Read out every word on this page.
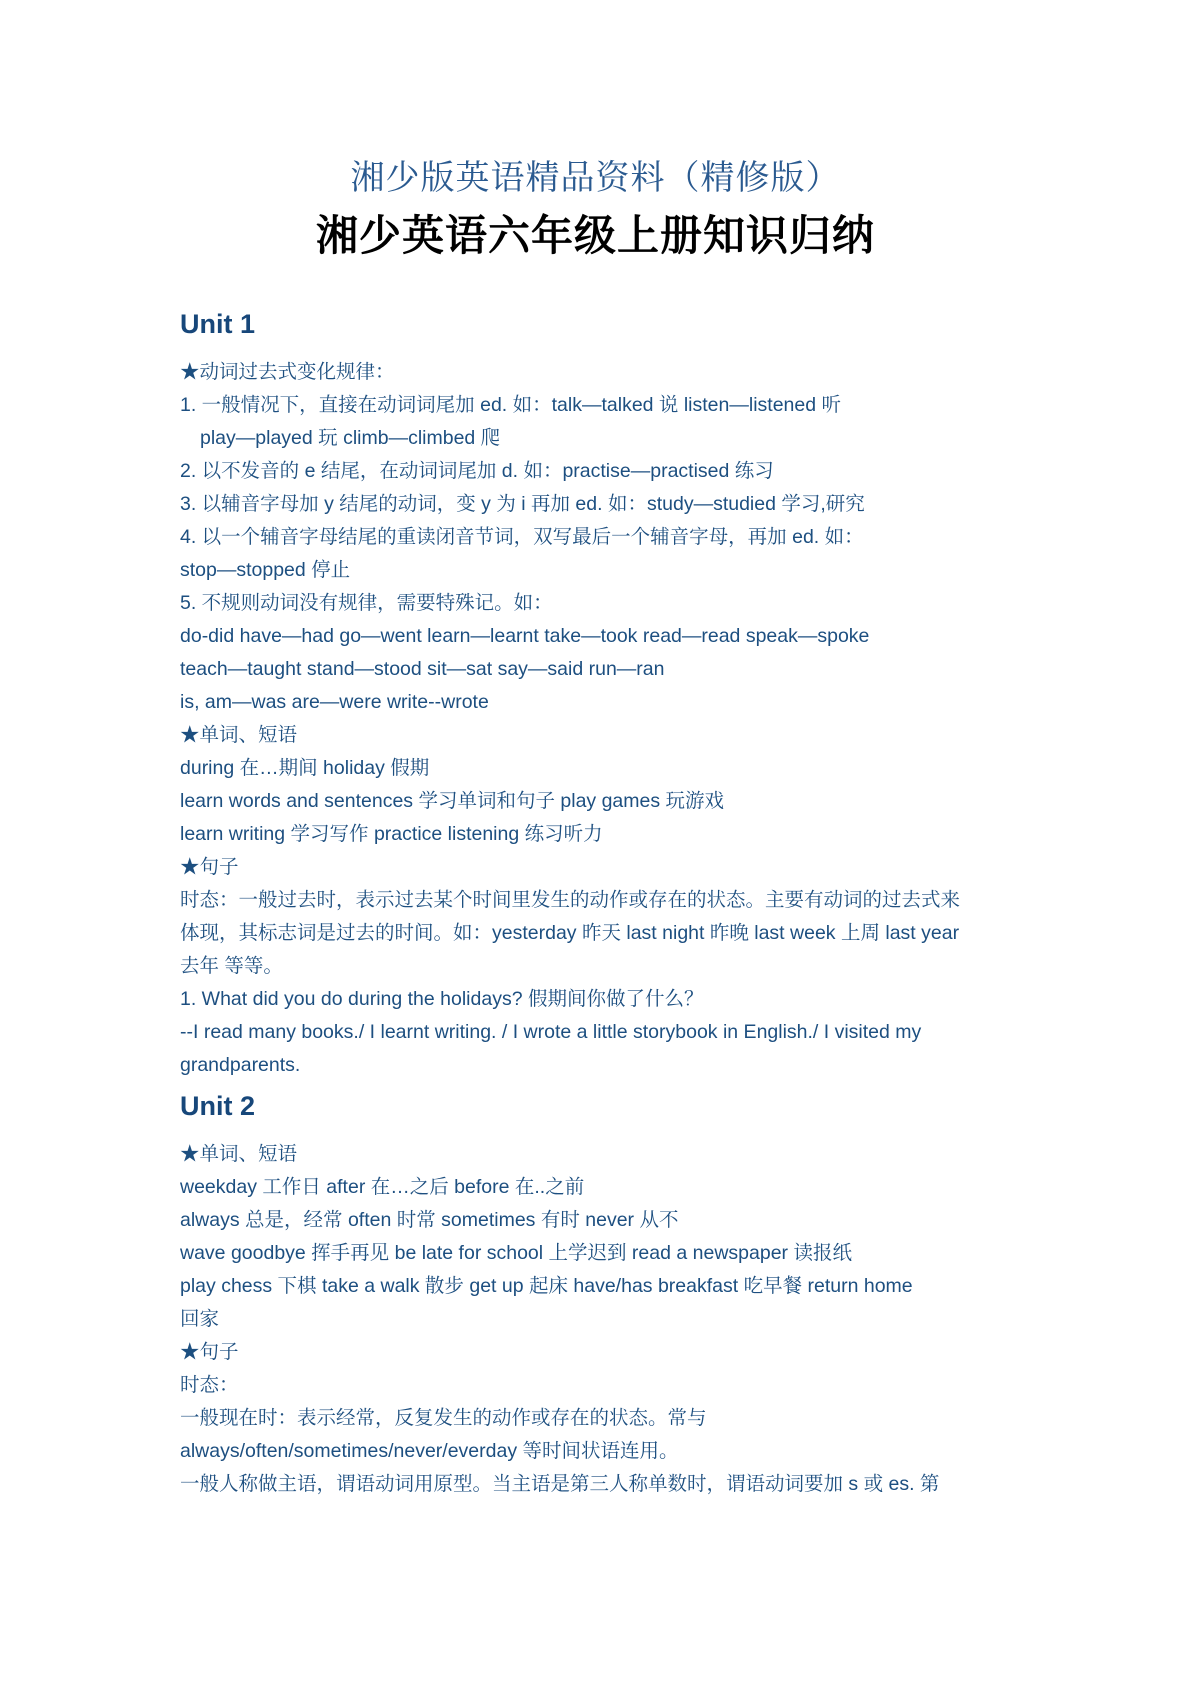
湘少版英语精品资料（精修版）
湘少英语六年级上册知识归纳
Unit 1
★动词过去式变化规律：
1. 一般情况下，直接在动词词尾加 ed. 如：talk—talked 说 listen—listened 听
play—played 玩 climb—climbed 爬
2. 以不发音的 e 结尾，在动词词尾加 d. 如：practise—practised 练习
3. 以辅音字母加 y 结尾的动词，变 y 为 i 再加 ed. 如：study—studied 学习,研究
4. 以一个辅音字母结尾的重读闭音节词，双写最后一个辅音字母，再加 ed. 如：
stop—stopped 停止
5. 不规则动词没有规律，需要特殊记。如：
do-did have—had go—went learn—learnt take—took read—read speak—spoke
teach—taught stand—stood sit—sat say—said run—ran
is, am—was are—were write--wrote
★单词、短语
during 在…期间 holiday 假期
learn words and sentences 学习单词和句子 play games 玩游戏
learn writing 学习写作 practice listening 练习听力
★句子
时态：一般过去时，表示过去某个时间里发生的动作或存在的状态。主要有动词的过去式来
体现，其标志词是过去的时间。如：yesterday 昨天 last night 昨晚 last week 上周 last year
去年 等等。
1. What did you do during the holidays? 假期间你做了什么？
--I read many books./ I learnt writing. / I wrote a little storybook in English./ I visited my
grandparents.
Unit 2
★单词、短语
weekday 工作日 after 在…之后 before 在..之前
always 总是，经常 often 时常 sometimes 有时 never 从不
wave goodbye 挥手再见 be late for school 上学迟到 read a newspaper 读报纸
play chess 下棋 take a walk 散步 get up 起床 have/has breakfast 吃早餐 return home
回家
★句子
时态：
一般现在时：表示经常，反复发生的动作或存在的状态。常与
always/often/sometimes/never/everday 等时间状语连用。
一般人称做主语，谓语动词用原型。当主语是第三人称单数时，谓语动词要加 s 或 es. 第
